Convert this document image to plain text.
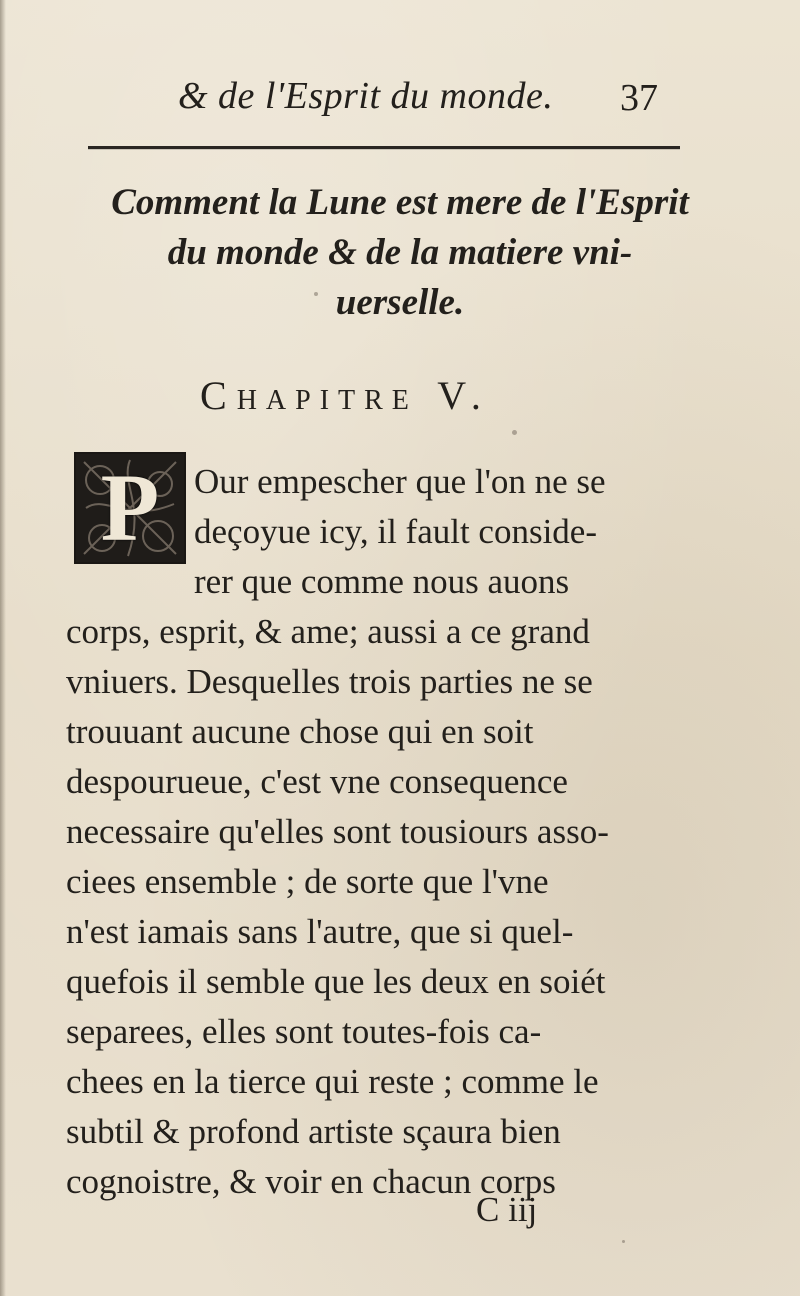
& de l'Esprit du monde. 37
Comment la Lune est mere de l'Esprit
du monde & de la matiere vni-
uerselle.
CHAPITRE V.
P Our empescher que l'on ne se
deçoyue icy, il fault conside-
rer que comme nous auons
corps, esprit, & ame; aussi a ce grand
vniuers. Desquelles trois parties ne se
trouuant aucune chose qui en soit
despourueue, c'est vne consequence
necessaire qu'elles sont tousiours asso-
ciees ensemble ; de sorte que l'vne
n'est iamais sans l'autre, que si quel-
quefois il semble que les deux en soiét
separees, elles sont toutes-fois ca-
chees en la tierce qui reste ; comme le
subtil & profond artiste sçaura bien
cognoistre, & voir en chacun corps
C iij
